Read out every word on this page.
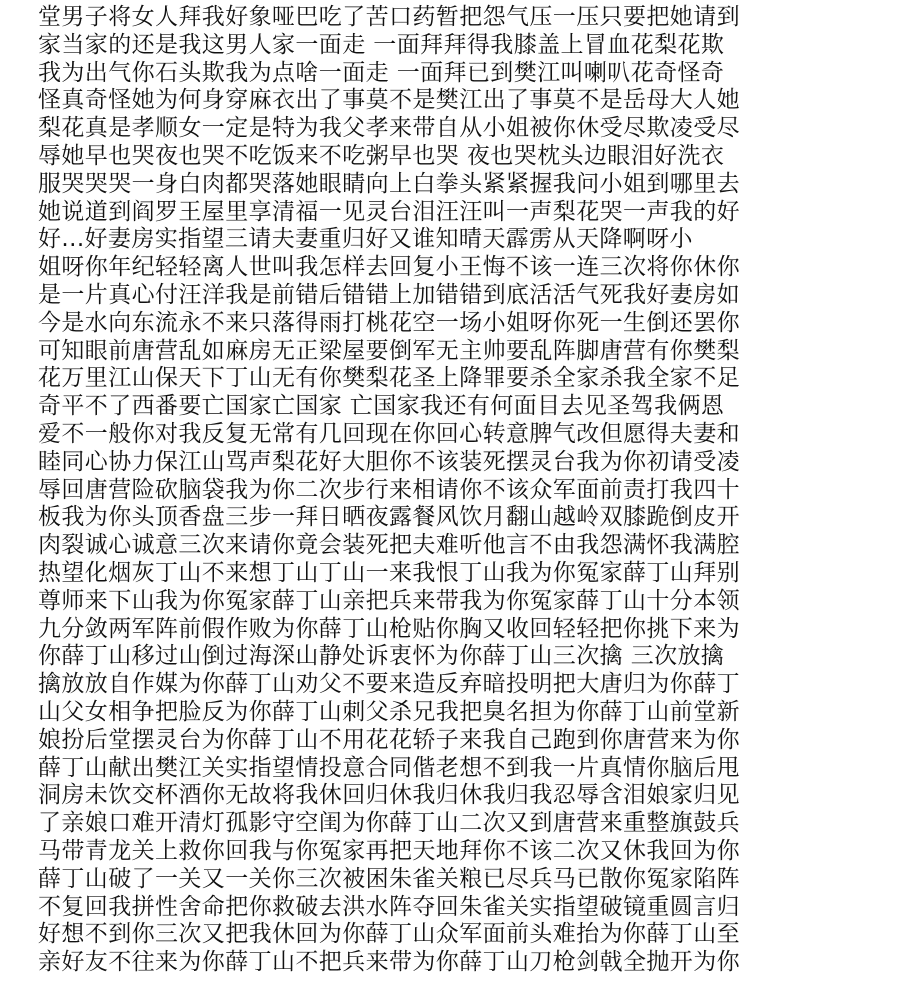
堂男子将女人拜我好象哑巴吃了苦口药暂把怨气压一压只要把她请到
家当家的还是我这男人家一面走 一面拜拜得我膝盖上冒血花梨花欺
我为出气你石头欺我为点啥一面走 一面拜已到樊江叫喇叭花奇怪奇
怪真奇怪她为何身穿麻衣出了事莫不是樊江出了事莫不是岳母大人她
梨花真是孝顺女一定是特为我父孝来带自从小姐被你休受尽欺凌受尽
辱她早也哭夜也哭不吃饭来不吃粥早也哭 夜也哭枕头边眼泪好洗衣
服哭哭哭一身白肉都哭落她眼睛向上白拳头紧紧握我问小姐到哪里去
她说道到阎罗王屋里享清福一见灵台泪汪汪叫一声梨花哭一声我的好
好...好妻房实指望三请夫妻重归好又谁知晴天霹雳从天降啊呀小
姐呀你年纪轻轻离人世叫我怎样去回复小王悔不该一连三次将你休你
是一片真心付汪洋我是前错后错错上加错错到底活活气死我好妻房如
今是水向东流永不来只落得雨打桃花空一场小姐呀你死一生倒还罢你
可知眼前唐营乱如麻房无正梁屋要倒军无主帅要乱阵脚唐营有你樊梨
花万里江山保天下丁山无有你樊梨花圣上降罪要杀全家杀我全家不足
奇平不了西番要亡国家亡国家 亡国家我还有何面目去见圣驾我俩恩
爱不一般你对我反复无常有几回现在你回心转意脾气改但愿得夫妻和
睦同心协力保江山骂声梨花好大胆你不该装死摆灵台我为你初请受凌
辱回唐营险砍脑袋我为你二次步行来相请你不该众军面前责打我四十
板我为你头顶香盘三步一拜日晒夜露餐风饮月翻山越岭双膝跪倒皮开
肉裂诚心诚意三次来请你竟会装死把夫难听他言不由我怨满怀我满腔
热望化烟灰丁山不来想丁山丁山一来我恨丁山我为你冤家薛丁山拜别
尊师来下山我为你冤家薛丁山亲把兵来带我为你冤家薛丁山十分本领
九分敛两军阵前假作败为你薛丁山枪贴你胸又收回轻轻把你挑下来为
你薛丁山移过山倒过海深山静处诉衷怀为你薛丁山三次擒 三次放擒
擒放放自作媒为你薛丁山劝父不要来造反弃暗投明把大唐归为你薛丁
山父女相争把脸反为你薛丁山刺父杀兄我把臭名担为你薛丁山前堂新
娘扮后堂摆灵台为你薛丁山不用花花轿子来我自己跑到你唐营来为你
薛丁山献出樊江关实指望情投意合同偕老想不到我一片真情你脑后甩
洞房未饮交杯酒你无故将我休回归休我归休我归我忍辱含泪娘家归见
了亲娘口难开清灯孤影守空闺为你薛丁山二次又到唐营来重整旗鼓兵
马带青龙关上救你回我与你冤家再把天地拜你不该二次又休我回为你
薛丁山破了一关又一关你三次被困朱雀关粮已尽兵马已散你冤家陷阵
不复回我拼性舍命把你救破去洪水阵夺回朱雀关实指望破镜重圆言归
好想不到你三次又把我休回为你薛丁山众军面前头难抬为你薛丁山至
亲好友不往来为你薛丁山不把兵来带为你薛丁山刀枪剑戟全抛开为你
